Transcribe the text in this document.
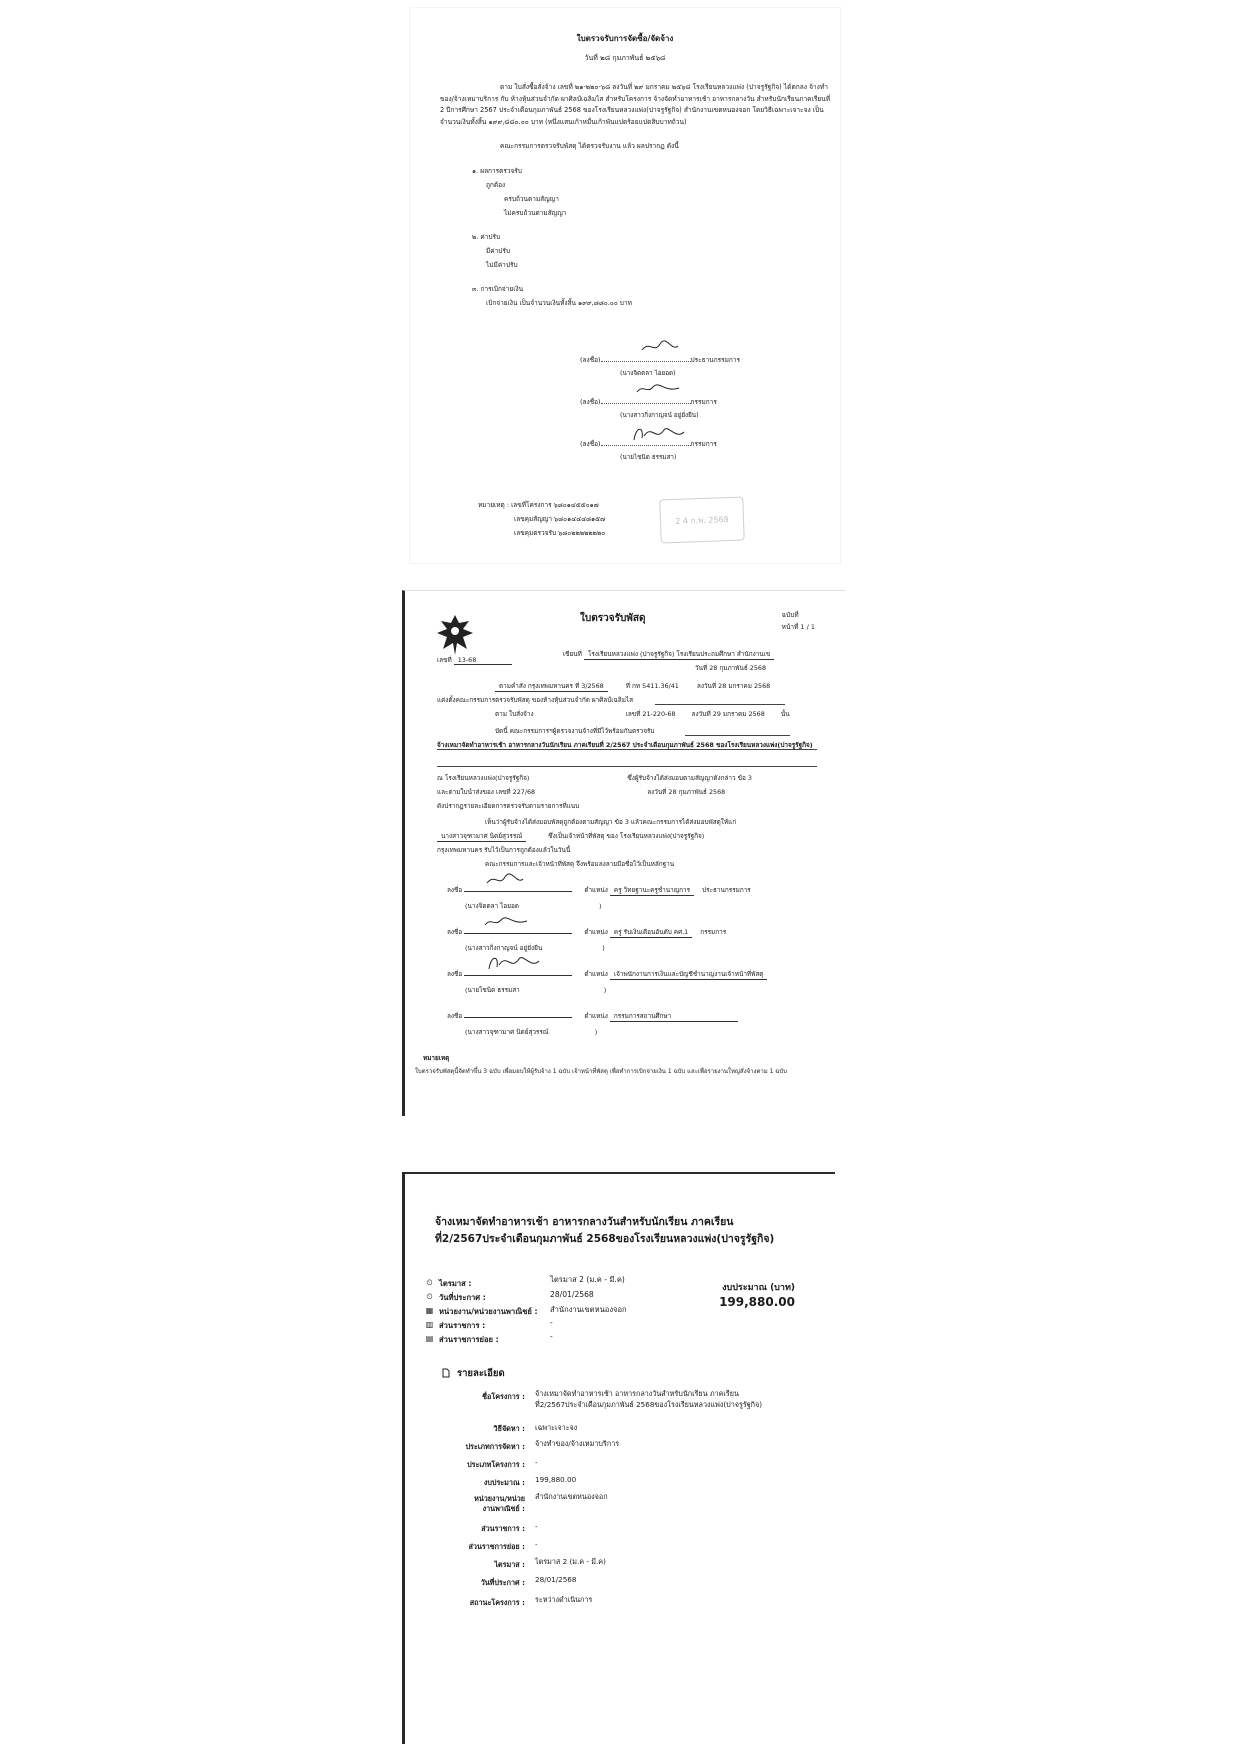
ใบตรวจรับการจัดซื้อ/จัดจ้าง
วันที่ ๒๘ กุมภาพันธ์ ๒๕๖๘

ตาม ใบสั่งซื้อสั่งจ้าง เลขที่ ๒๑-๒๒๐-๖๘ ลงวันที่ ๒๙ มกราคม ๒๕๖๘ โรงเรียนหลวงแพ่ง (ปาจรูรัฐกิจ) ได้ตกลง จ้างทำของ/จ้างเหมาบริการ กับ ห้างหุ้นส่วนจำกัด ผาศิลป์เฉลิมไส สำหรับโครงการ จ้างจัดทำอาหารเช้า อาหารกลางวัน สำหรับนักเรียนภาคเรียนที่ 2 ปีการศึกษา 2567 ประจำเดือนกุมภาพันธ์ 2568 ของโรงเรียนหลวงแพ่ง(ปาจรูรัฐกิจ) สำนักงานเขตหนองจอก โดยวิธีเฉพาะเจาะจง เป็นจำนวนเงินทั้งสิ้น ๑๙๙,๘๘๐.๐๐ บาท (หนึ่งแสนเก้าหมื่นเก้าพันแปดร้อยแปดสิบบาทถ้วน)

คณะกรรมการตรวจรับพัสดุ ได้ตรวจรับงาน แล้ว ผลปรากฏ ดังนี้
๑. ผลการตรวจรับ
ถูกต้อง
ครบถ้วนตามสัญญา
ไม่ครบถ้วนตามสัญญา
๒. ค่าปรับ
มีค่าปรับ
ไม่มีค่าปรับ
๓. การเบิกจ่ายเงิน
เบิกจ่ายเงิน เป็นจำนวนเงินทั้งสิ้น ๑๙๙,๘๘๐.๐๐ บาท
(ลงชื่อ)	ประธานกรรมการ
(นางจิดตลา ไอยอด)
(ลงชื่อ)	กรรมการ
(นางสาวกิ่งกาญจน์ อยู่ยั่งยืน)
(ลงชื่อ)	กรรมการ
(นายไชนิด ธรรมสา)
หมายเหตุ : เลขที่โครงการ ๖๘๐๑๔๕๕๐๑๗
เลขคุมสัญญา ๖๘๐๑๔๔๔๘๑๕๗
เลขคุมตรวจรับ ๖๘๐๒๒๒๒๒๒๒๐
2 4 ก.พ. 2568
ใบตรวจรับพัสดุ	ฉบับที่
หน้าที่ 1 / 1
เลขที่ 13-68
เขียนที่ โรงเรียนหลวงแพ่ง (ปาจรูรัฐกิจ) โรงเรียนประถมศึกษา สำนักงานเข
วันที่ 28 กุมภาพันธ์ 2568
ตามคำสั่ง กรุงเทพมหานคร ที่ 3/2568	ที่ กท 5411.36/41	ลงวันที่ 28 มกราคม 2568
แต่งตั้งคณะกรรมการตรวจรับพัสดุ ของห้างหุ้นส่วนจำกัด ผาศิลป์เฉลิมไส
ตาม ใบสั่งจ้าง	เลขที่ 21-220-68	ลงวันที่ 29 มกราคม 2568	นั้น
บัดนี้ คณะกรรมการฯผู้ตรวจงานจ้างที่มีไว้พร้อมกันตรวจรับ
จ้างเหมาจัดทำอาหารเช้า อาหารกลางวันนักเรียน ภาคเรียนที่ 2/2567 ประจำเดือนกุมภาพันธ์ 2568 ของโรงเรียนหลวงแพ่ง(ปาจรูรัฐกิจ)
ณ โรงเรียนหลวงแพ่ง(ปาจรูรัฐกิจ)	ซึ่งผู้รับจ้างได้ส่งมอบตามสัญญาดังกล่าว ข้อ 3
และตามใบนำส่งของ เลขที่ 227/68	ลงวันที่ 28 กุมภาพันธ์ 2568
ดังปรากฏรายละเอียดการตรวจรับตามรายการที่แนบ
เห็นว่าผู้รับจ้างได้ส่งมอบพัสดุถูกต้องตามสัญญา ข้อ 3 แล้วคณะกรรมการได้ส่งมอบพัสดุให้แก่
นางสาวจุฑามาศ นิตย์สุวรรณ์	ซึ่งเป็นเจ้าหน้าที่พัสดุ ของ โรงเรียนหลวงแพ่ง(ปาจรูรัฐกิจ)
กรุงเทพมหานคร รับไว้เป็นการถูกต้องแล้วในวันนี้
คณะกรรมการและเจ้าหน้าที่พัสดุ จึงพร้อมลงลายมือชื่อไว้เป็นหลักฐาน
ลงชื่อ	ตำแหน่ง ครู วิทยฐานะครูชำนาญการ ประธานกรรมการ
(นางจิดตลา ไอยอด	)
ลงชื่อ	ตำแหน่ง ครู รับเงินเดือนอันดับ คศ.1 กรรมการ
(นางสาวกิ่งกาญจน์ อยู่ยั่งยืน	)
ลงชื่อ	ตำแหน่ง เจ้าพนักงานการเงินและบัญชีชำนาญงานเจ้าหน้าที่พัสดุ
(นายไชนิด ธรรมสา	)
ลงชื่อ	ตำแหน่ง กรรมการสถานศึกษา
(นางสาวจุฑามาศ นิตย์สุวรรณ์	)
หมายเหตุ
ใบตรวจรับพัสดุนี้จัดทำขึ้น 3 ฉบับ เพื่อมอบให้ผู้รับจ้าง 1 ฉบับ เจ้าหน้าที่พัสดุ เพื่อทำการเบิกจ่ายเงิน 1 ฉบับ และเพื่อรายงานใหญ่สั่งจ้างตาม 1 ฉบับ

จ้างเหมาจัดทำอาหารเช้า อาหารกลางวันสำหรับนักเรียน ภาคเรียนที่2/2567ประจำเดือนกุมภาพันธ์ 2568ของโรงเรียนหลวงแพ่ง(ปาจรูรัฐกิจ)

⏲ ไตรมาส :	ไตรมาส 2 (ม.ค - มี.ค)
⏲ วันที่ประกาศ :	28/01/2568
▦ หน่วยงาน/หน่วยงานพาณิชย์ : สำนักงานเขตหนองจอก
▥ ส่วนราชการ :	-
▤ ส่วนราชการย่อย :	-
งบประมาณ (บาท)
199,880.00
รายละเอียด
ชื่อโครงการ : จ้างเหมาจัดทำอาหารเช้า อาหารกลางวันสำหรับนักเรียน ภาคเรียน
ที่2/2567ประจำเดือนกุมภาพันธ์ 2568ของโรงเรียนหลวงแพ่ง(ปาจรูรัฐกิจ)
วิธีจัดหา : เฉพาะเจาะจง
ประเภทการจัดหา : จ้างทำของ/จ้างเหมาบริการ
ประเภทโครงการ : -
งบประมาณ : 199,880.00
หน่วยงาน/หน่วย
งานพาณิชย์ :
สำนักงานเขตหนองจอก
ส่วนราชการ : -
ส่วนราชการย่อย : -
ไตรมาส : ไตรมาส 2 (ม.ค - มี.ค)
วันที่ประกาศ : 28/01/2568
สถานะโครงการ : ระหว่างดำเนินการ
